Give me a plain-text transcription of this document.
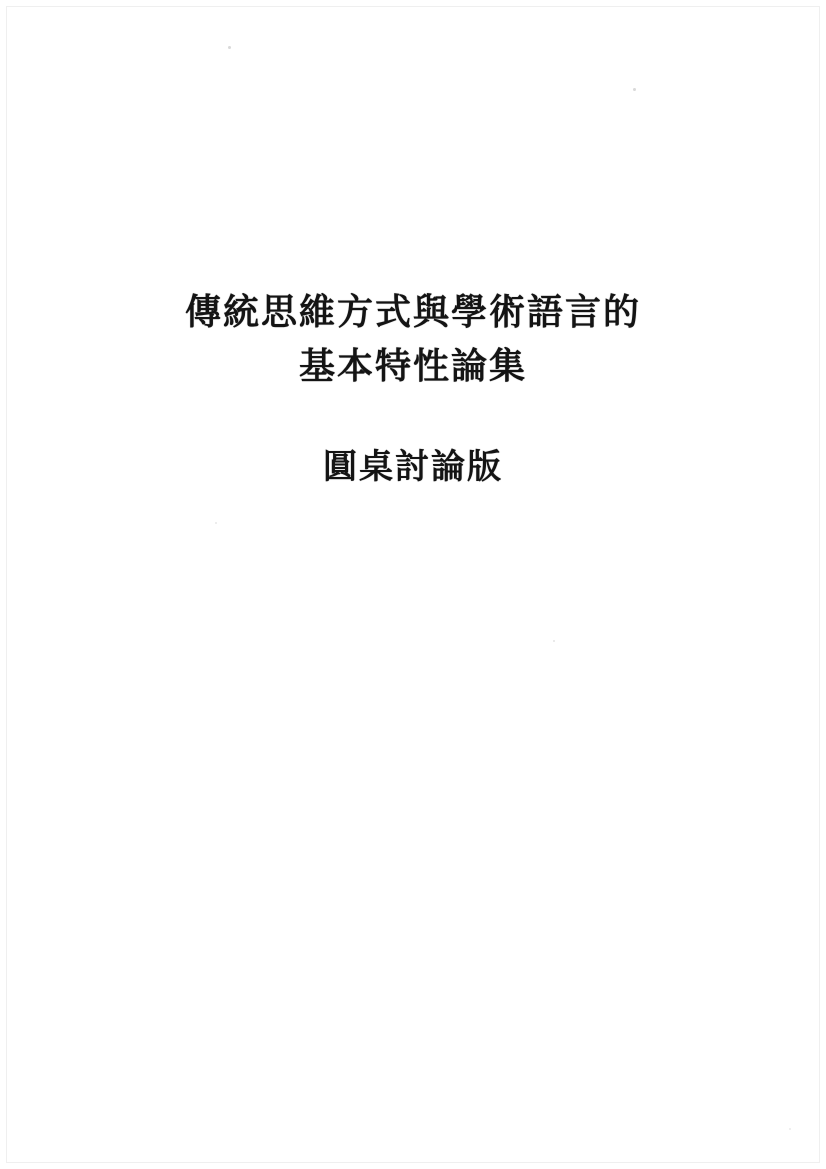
傳統思維方式與學術語言的
基本特性論集
圓桌討論版
